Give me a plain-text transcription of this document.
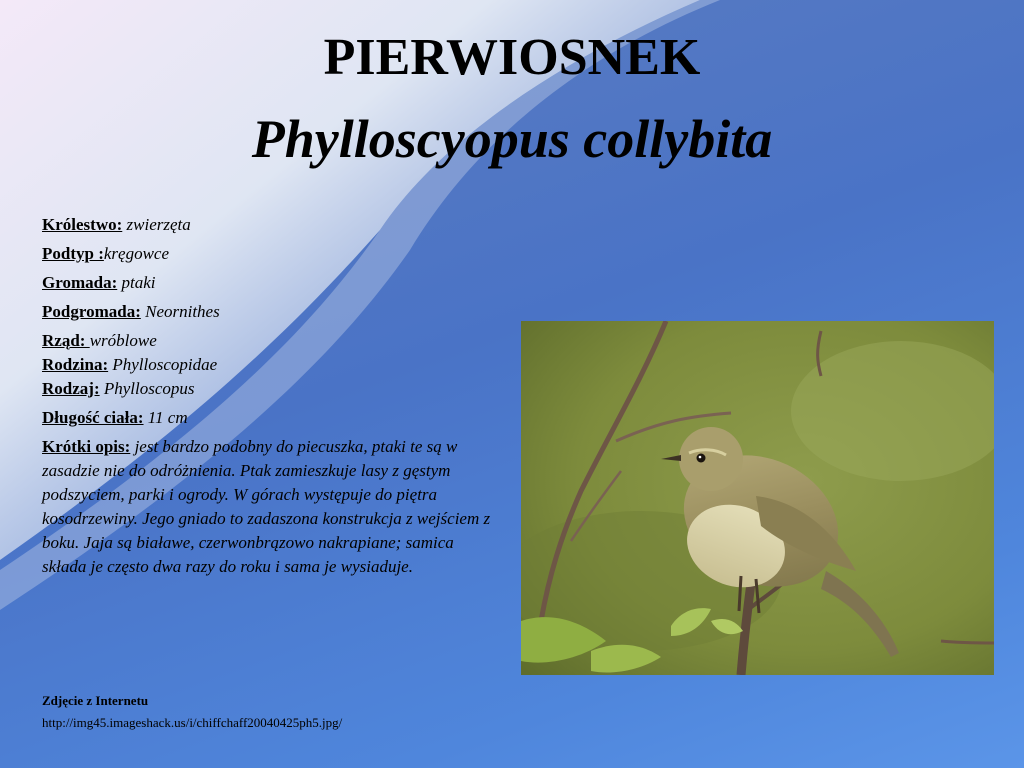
PIERWIOSNEK
Phylloscyopus collybita

Królestwo: zwierzęta

Podtyp :kręgowce

Gromada: ptaki

Podgromada: Neornithes

Rząd: wróblowe

Rodzina: Phylloscopidae

Rodzaj: Phylloscopus

Długość ciała: 11 cm

Krótki opis: jest bardzo podobny do piecuszka, ptaki te są w zasadzie nie do odróżnienia. Ptak zamieszkuje lasy z gęstym podszyciem, parki i ogrody. W górach występuje do piętra kosodrzewiny. Jego gniado to zadaszona konstrukcja z wejściem z boku. Jaja są białawe, czerwonbrązowo nakrapiane; samica składa je często dwa razy do roku i sama je wysiaduje.

Zdjęcie z Internetu
http://img45.imageshack.us/i/chiffchaff20040425ph5.jpg/
